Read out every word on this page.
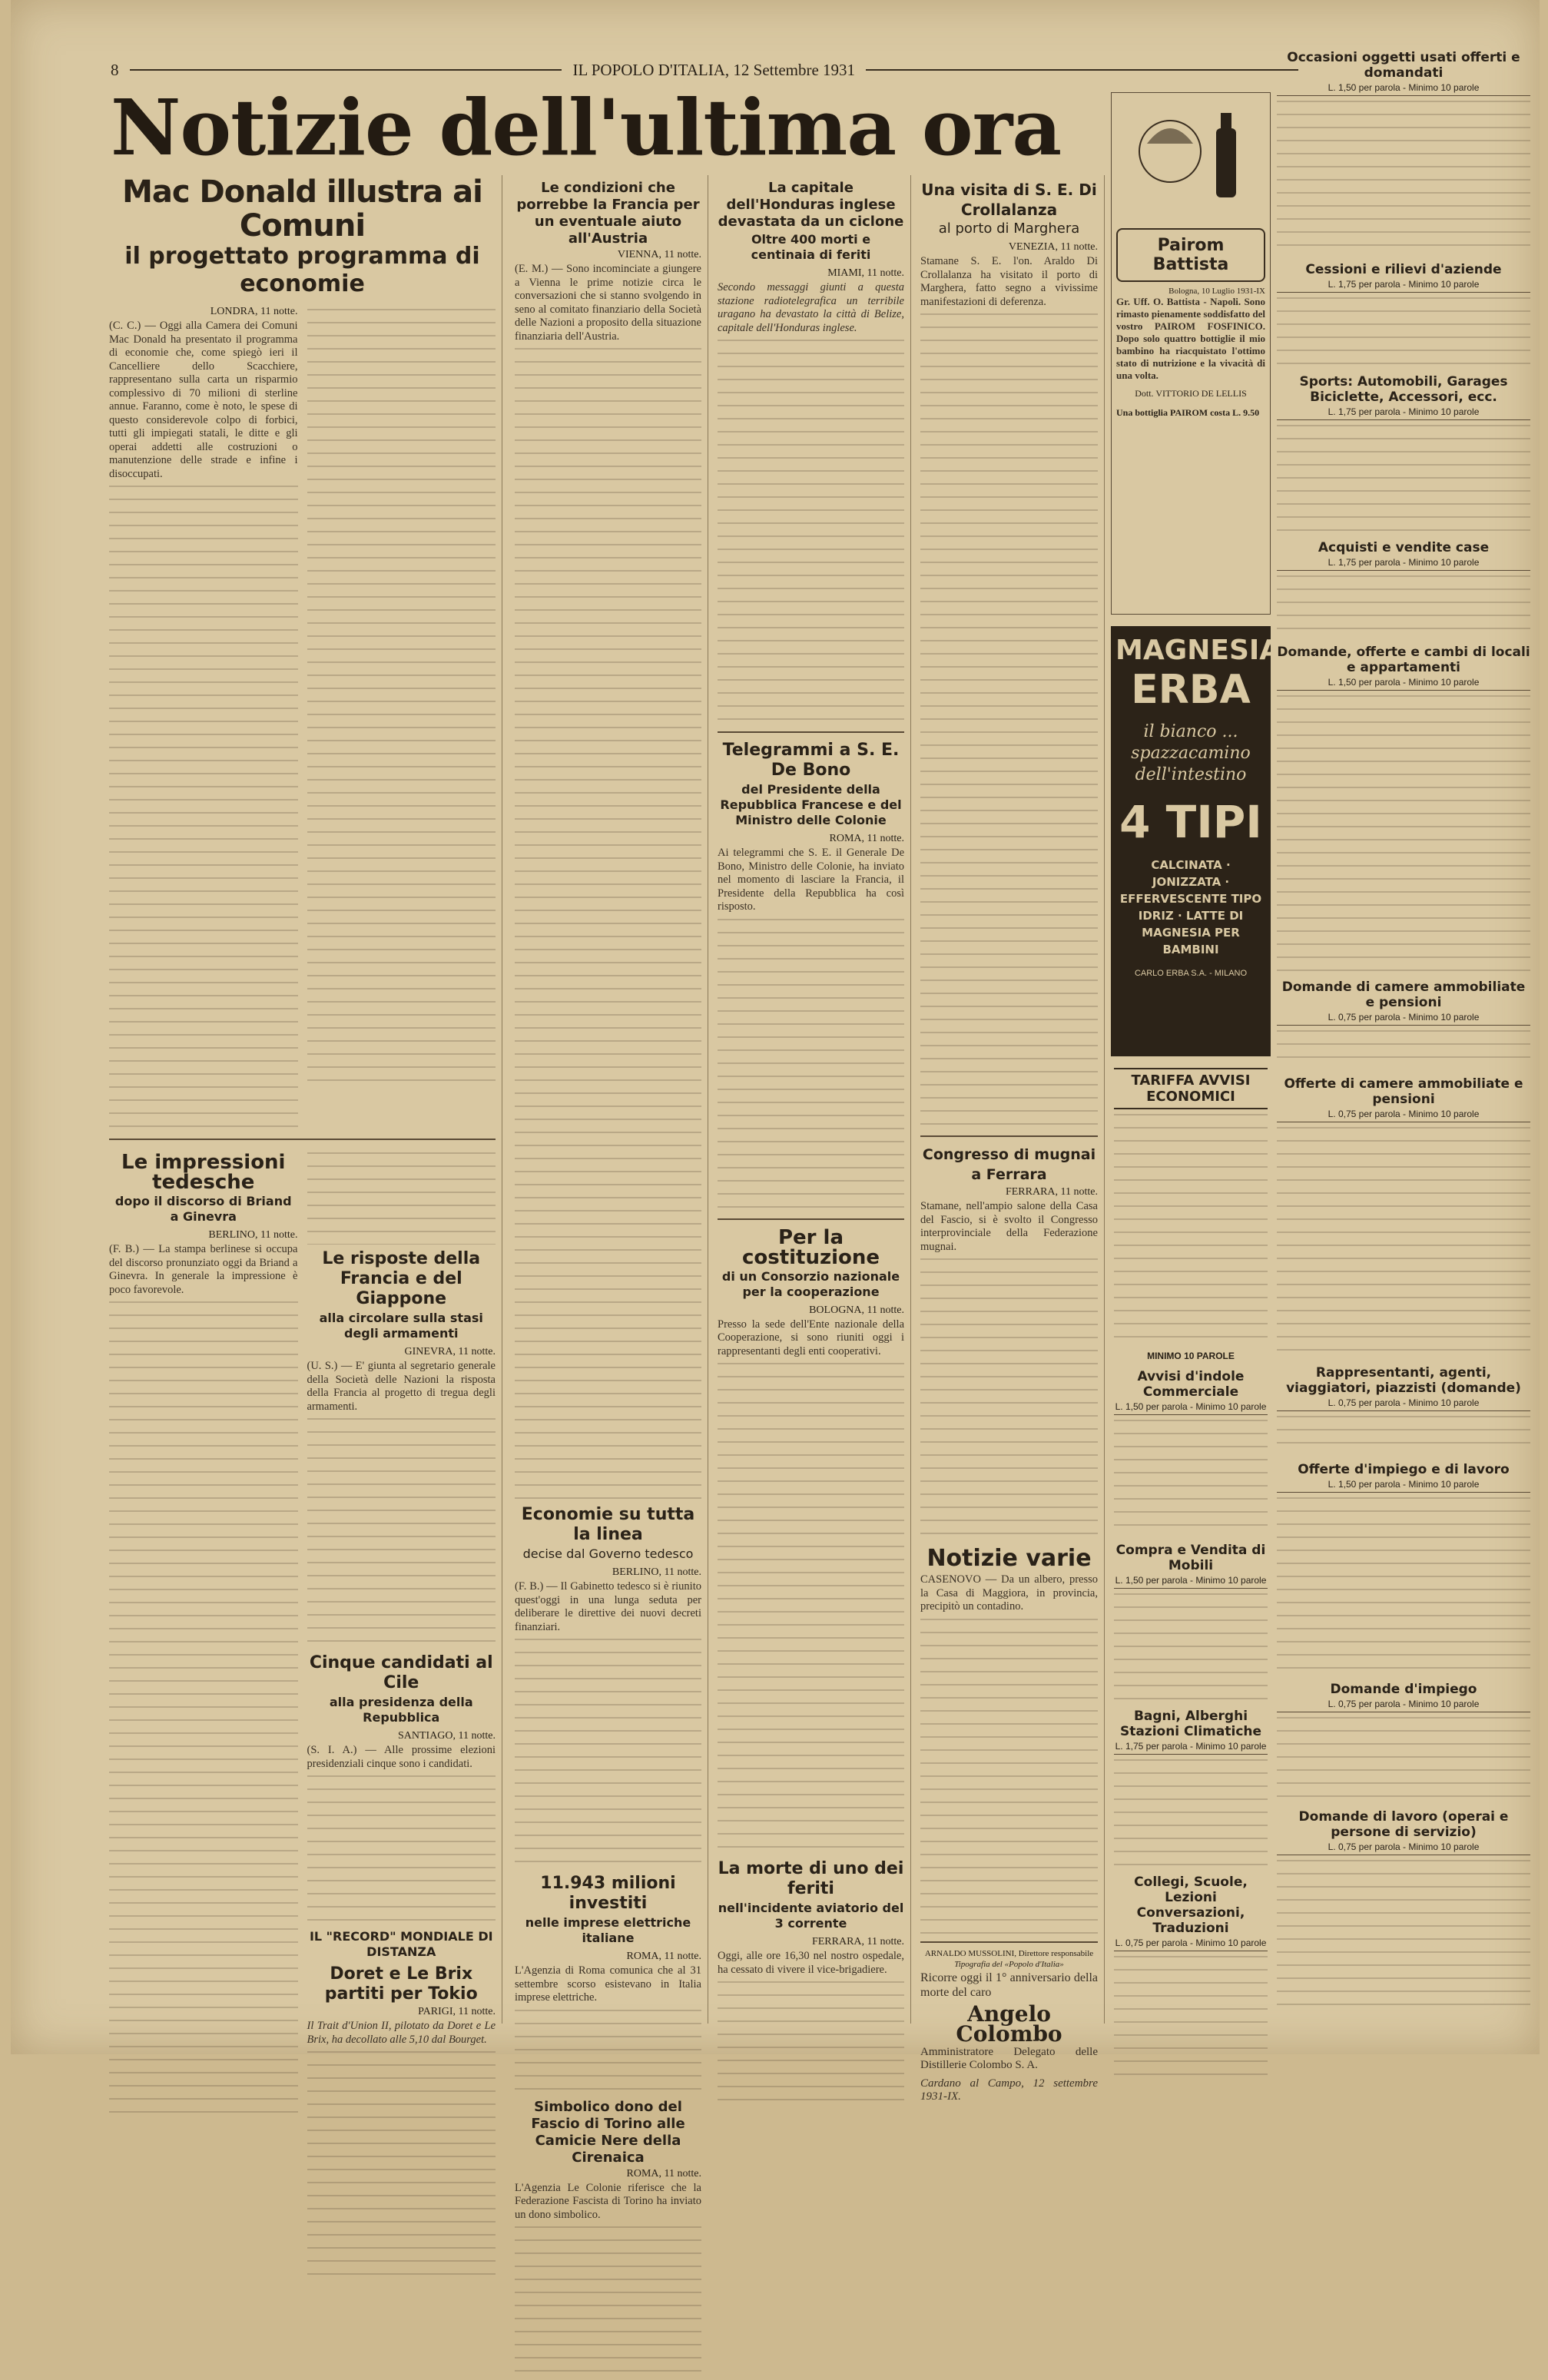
8	IL POPOLO D'ITALIA, 12 Settembre 1931
Notizie dell'ultima ora
Mac Donald illustra ai Comuni
il progettato programma di economie
LONDRA, 11 notte.

(C. C.) — Oggi alla Camera dei Comuni Mac Donald ha presentato il programma di economie che, come spiegò ieri il Cancelliere dello Scacchiere, rappresentano sulla carta un risparmio complessivo di 70 milioni di sterline annue. Faranno, come è noto, le spese di questo considerevole colpo di forbici, tutti gli impiegati statali, le ditte e gli operai addetti alle costruzioni o manutenzione delle strade e infine i disoccupati.

Le impressioni tedesche
dopo il discorso di Briand a Ginevra
BERLINO, 11 notte.

(F. B.) — La stampa berlinese si occupa del discorso pronunziato oggi da Briand a Ginevra. In generale la impressione è poco favorevole.

Le risposte della Francia e del Giappone
alla circolare sulla stasi degli armamenti
GINEVRA, 11 notte.

(U. S.) — E' giunta al segretario generale della Società delle Nazioni la risposta della Francia al progetto di tregua degli armamenti.

Cinque candidati al Cile
alla presidenza della Repubblica
SANTIAGO, 11 notte.

(S. I. A.) — Alle prossime elezioni presidenziali cinque sono i candidati.

IL "RECORD" MONDIALE DI DISTANZA
Doret e Le Brix partiti per Tokio
PARIGI, 11 notte.

Il Trait d'Union II, pilotato da Doret e Le Brix, ha decollato alle 5,10 dal Bourget.

Le condizioni che porrebbe la Francia per un eventuale aiuto all'Austria
VIENNA, 11 notte.

(E. M.) — Sono incominciate a giungere a Vienna le prime notizie circa le conversazioni che si stanno svolgendo in seno al comitato finanziario della Società delle Nazioni a proposito della situazione finanziaria dell'Austria.

Economie su tutta la linea
decise dal Governo tedesco
BERLINO, 11 notte.

(F. B.) — Il Gabinetto tedesco si è riunito quest'oggi in una lunga seduta per deliberare le direttive dei nuovi decreti finanziari.

11.943 milioni investiti
nelle imprese elettriche italiane
ROMA, 11 notte.

L'Agenzia di Roma comunica che al 31 settembre scorso esistevano in Italia imprese elettriche.

Simbolico dono del Fascio di Torino alle Camicie Nere della Cirenaica
ROMA, 11 notte.

L'Agenzia Le Colonie riferisce che la Federazione Fascista di Torino ha inviato un dono simbolico.

La capitale dell'Honduras inglese devastata da un ciclone
Oltre 400 morti e centinaia di feriti
MIAMI, 11 notte.

Secondo messaggi giunti a questa stazione radiotelegrafica un terribile uragano ha devastato la città di Belize, capitale dell'Honduras inglese.

Telegrammi a S. E. De Bono
del Presidente della Repubblica Francese e del Ministro delle Colonie
ROMA, 11 notte.

Ai telegrammi che S. E. il Generale De Bono, Ministro delle Colonie, ha inviato nel momento di lasciare la Francia, il Presidente della Repubblica ha così risposto.

Per la costituzione
di un Consorzio nazionale per la cooperazione
BOLOGNA, 11 notte.

Presso la sede dell'Ente nazionale della Cooperazione, si sono riuniti oggi i rappresentanti degli enti cooperativi.

La morte di uno dei feriti
nell'incidente aviatorio del 3 corrente
FERRARA, 11 notte.

Oggi, alle ore 16,30 nel nostro ospedale, ha cessato di vivere il vice-brigadiere.

Una visita di S. E. Di Crollalanza
al porto di Marghera
VENEZIA, 11 notte.

Stamane S. E. l'on. Araldo Di Crollalanza ha visitato il porto di Marghera, fatto segno a vivissime manifestazioni di deferenza.

Congresso di mugnai a Ferrara
FERRARA, 11 notte.

Stamane, nell'ampio salone della Casa del Fascio, si è svolto il Congresso interprovinciale della Federazione mugnai.

Notizie varie

CASENOVO — Da un albero, presso la Casa di Maggiora, in provincia, precipitò un contadino.

ARNALDO MUSSOLINI, Direttore responsabile
Tipografia del «Popolo d'Italia»

Ricorre oggi il 1° anniversario della morte del caro

Angelo Colombo

Amministratore Delegato delle Distillerie Colombo S. A.

Cardano al Campo, 12 settembre 1931-IX.

Pairom Battista
Bologna, 10 Luglio 1931-IX

Gr. Uff. O. Battista - Napoli. Sono rimasto pienamente soddisfatto del vostro PAIROM FOSFINICO. Dopo solo quattro bottiglie il mio bambino ha riacquistato l'ottimo stato di nutrizione e la vivacità di una volta.

Dott. VITTORIO DE LELLIS
Una bottiglia PAIROM costa L. 9.50
MAGNESIA
ERBA
il bianco ... spazzacamino dell'intestino
4 TIPI
CALCINATA · JONIZZATA · EFFERVESCENTE TIPO IDRIZ · LATTE DI MAGNESIA PER BAMBINI
CARLO ERBA S.A. - MILANO
TARIFFA AVVISI ECONOMICI
MINIMO 10 PAROLE
Avvisi d'indole Commerciale
L. 1,50 per parola - Minimo 10 parole
Compra e Vendita di Mobili
L. 1,50 per parola - Minimo 10 parole
Bagni, Alberghi Stazioni Climatiche
L. 1,75 per parola - Minimo 10 parole
Collegi, Scuole, Lezioni Conversazioni, Traduzioni
L. 0,75 per parola - Minimo 10 parole
Occasioni oggetti usati offerti e domandati
L. 1,50 per parola - Minimo 10 parole
Cessioni e rilievi d'aziende
L. 1,75 per parola - Minimo 10 parole
Sports: Automobili, Garages Biciclette, Accessori, ecc.
L. 1,75 per parola - Minimo 10 parole
Acquisti e vendite case
L. 1,75 per parola - Minimo 10 parole
Domande, offerte e cambi di locali e appartamenti
L. 1,50 per parola - Minimo 10 parole
Domande di camere ammobiliate e pensioni
L. 0,75 per parola - Minimo 10 parole
Offerte di camere ammobiliate e pensioni
L. 0,75 per parola - Minimo 10 parole
Rappresentanti, agenti, viaggiatori, piazzisti (domande)
L. 0,75 per parola - Minimo 10 parole
Offerte d'impiego e di lavoro
L. 1,50 per parola - Minimo 10 parole
Domande d'impiego
L. 0,75 per parola - Minimo 10 parole
Domande di lavoro (operai e persone di servizio)
L. 0,75 per parola - Minimo 10 parole
